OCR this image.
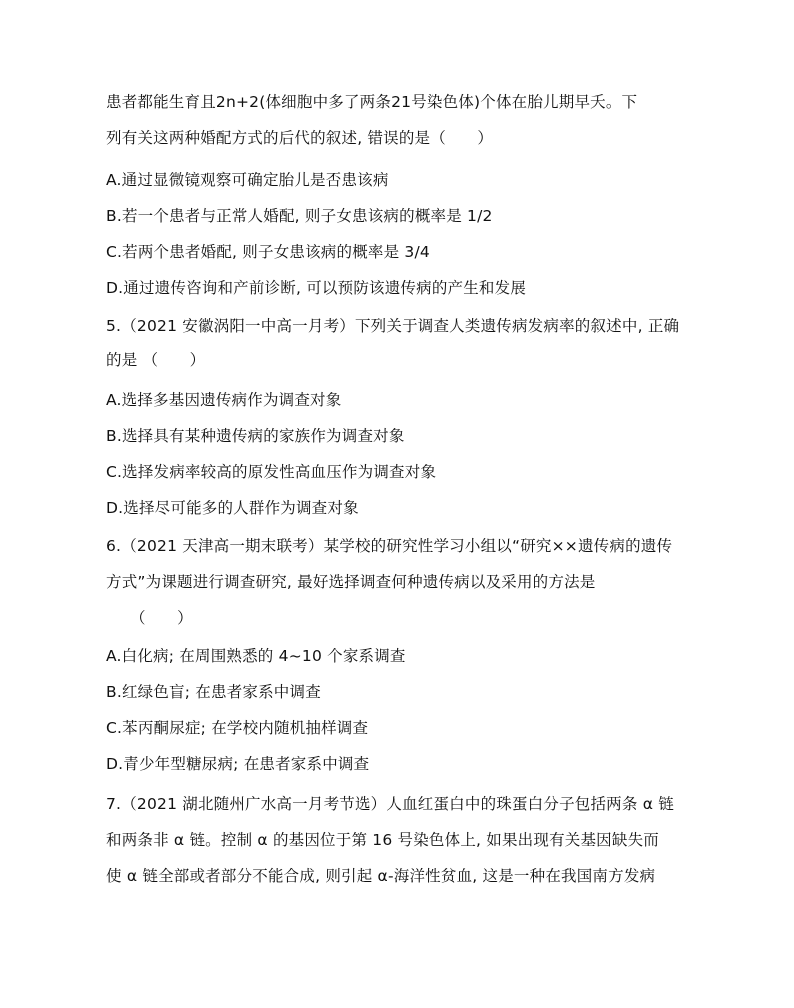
患者都能生育且2n+2(体细胞中多了两条21号染色体)个体在胎儿期早夭。下
列有关这两种婚配方式的后代的叙述, 错误的是（　　）
A.通过显微镜观察可确定胎儿是否患该病
B.若一个患者与正常人婚配, 则子女患该病的概率是 1/2
C.若两个患者婚配, 则子女患该病的概率是 3/4
D.通过遗传咨询和产前诊断, 可以预防该遗传病的产生和发展
5.（2021 安徽涡阳一中高一月考）下列关于调查人类遗传病发病率的叙述中, 正确
的是 （　　）
A.选择多基因遗传病作为调查对象
B.选择具有某种遗传病的家族作为调查对象
C.选择发病率较高的原发性高血压作为调查对象
D.选择尽可能多的人群作为调查对象
6.（2021 天津高一期末联考）某学校的研究性学习小组以“研究××遗传病的遗传
方式”为课题进行调查研究, 最好选择调查何种遗传病以及采用的方法是
（　　）
A.白化病; 在周围熟悉的 4~10 个家系调查
B.红绿色盲; 在患者家系中调查
C.苯丙酮尿症; 在学校内随机抽样调查
D.青少年型糖尿病; 在患者家系中调查
7.（2021 湖北随州广水高一月考节选）人血红蛋白中的珠蛋白分子包括两条 α 链
和两条非 α 链。控制 α 的基因位于第 16 号染色体上, 如果出现有关基因缺失而
使 α 链全部或者部分不能合成, 则引起 α-海洋性贫血, 这是一种在我国南方发病
